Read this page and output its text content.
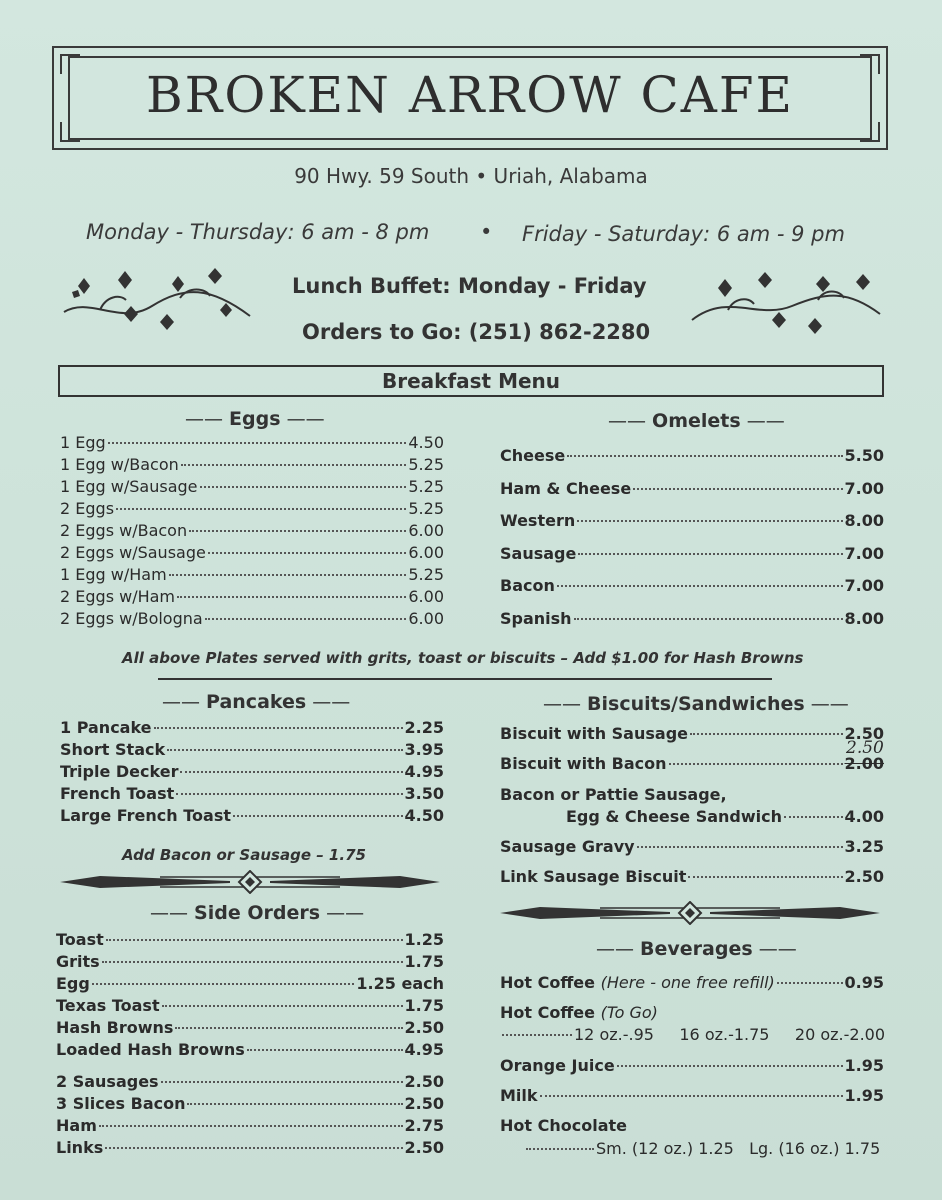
BROKEN ARROW CAFE
90 Hwy. 59 South • Uriah, Alabama
Monday - Thursday: 6 am - 8 pm • Friday - Saturday: 6 am - 9 pm
Lunch Buffet: Monday - Friday
Orders to Go: (251) 862-2280
Breakfast Menu
—— Eggs ——
1 Egg	4.50
1 Egg w/Bacon	5.25
1 Egg w/Sausage	5.25
2 Eggs	5.25
2 Eggs w/Bacon	6.00
2 Eggs w/Sausage	6.00
1 Egg w/Ham	5.25
2 Eggs w/Ham	6.00
2 Eggs w/Bologna	6.00
—— Omelets ——
Cheese	5.50
Ham & Cheese	7.00
Western	8.00
Sausage	7.00
Bacon	7.00
Spanish	8.00
All above Plates served with grits, toast or biscuits – Add $1.00 for Hash Browns
—— Pancakes ——
1 Pancake	2.25
Short Stack	3.95
Triple Decker	4.95
French Toast	3.50
Large French Toast	4.50
Add Bacon or Sausage – 1.75
—— Biscuits/Sandwiches ——
Biscuit with Sausage	2.50
Biscuit with Bacon	2.00
2.50
Bacon or Pattie Sausage,
Egg & Cheese Sandwich	4.00
Sausage Gravy	3.25
Link Sausage Biscuit	2.50
—— Side Orders ——
Toast	1.25
Grits	1.75
Egg	1.25 each
Texas Toast	1.75
Hash Browns	2.50
Loaded Hash Browns	4.95
2 Sausages	2.50
3 Slices Bacon	2.50
Ham	2.75
Links	2.50
—— Beverages ——
Hot Coffee (Here - one free refill)	0.95
Hot Coffee (To Go)
12 oz.-.95     16 oz.-1.75     20 oz.-2.00
Orange Juice	1.95
Milk	1.95
Hot Chocolate
Sm. (12 oz.) 1.25   Lg. (16 oz.) 1.75
